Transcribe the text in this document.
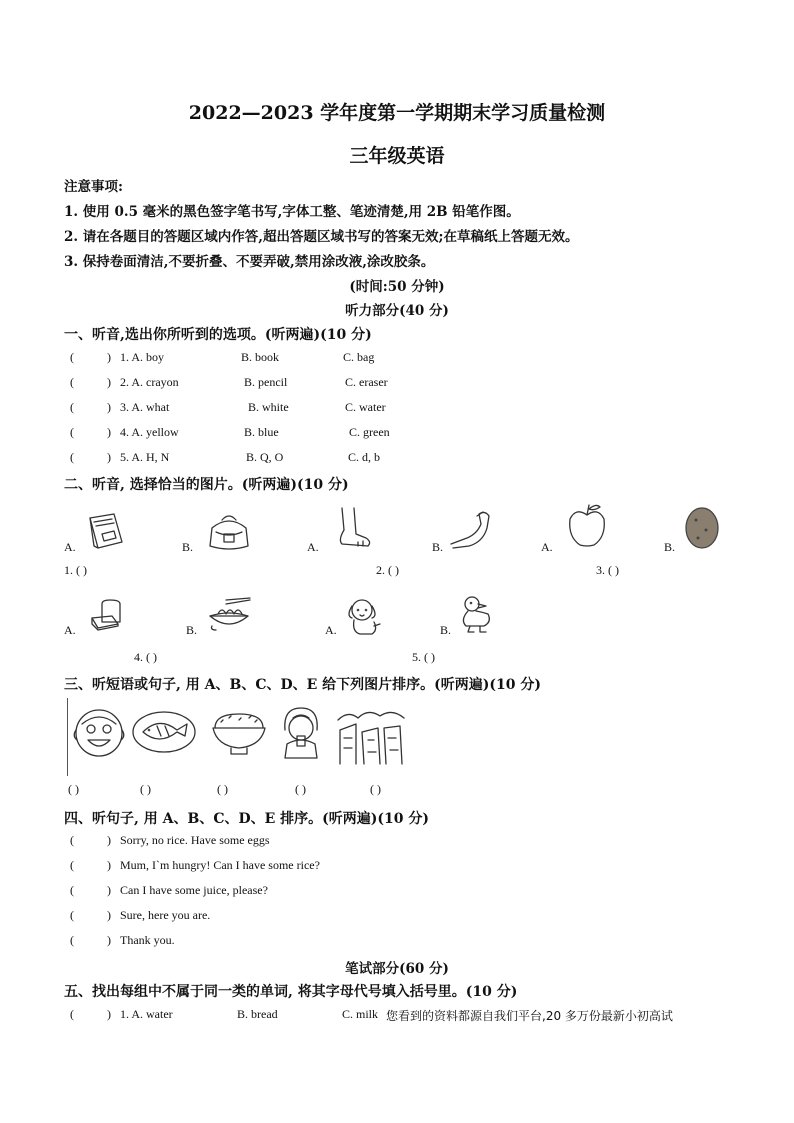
2022—2023 学年度第一学期期末学习质量检测
三年级英语
注意事项:
1. 使用 0.5 毫米的黑色签字笔书写,字体工整、笔迹清楚,用 2B 铅笔作图。
2. 请在各题目的答题区域内作答,超出答题区域书写的答案无效;在草稿纸上答题无效。
3. 保持卷面清洁,不要折叠、不要弄破,禁用涂改液,涂改胶条。
(时间:50 分钟)
听力部分(40 分)
一、听音,选出你所听到的选项。(听两遍)(10 分)
(	) 1. A. boy	B. book	C. bag
(	) 2. A. crayon	B. pencil	C. eraser
(	) 3. A. what	B. white	C. water
(	) 4. A. yellow	B. blue	C. green
(	) 5. A. H, N	B. Q, O	C. d, b
二、听音, 选择恰当的图片。(听两遍)(10 分)
A.	B.	A.	B.	A.	B.
1. ( )	2. ( )	3. ( )
A.	B.	A.	B.
4. ( )	5. ( )
三、听短语或句子, 用 A、B、C、D、E 给下列图片排序。(听两遍)(10 分)
( )	( )	( )	( )	( )
四、听句子, 用 A、B、C、D、E 排序。(听两遍)(10 分)
(	) Sorry, no rice. Have some eggs
(	) Mum, I`m hungry! Can I have some rice?
(	) Can I have some juice, please?
(	) Sure, here you are.
(	) Thank you.
笔试部分(60 分)
五、找出每组中不属于同一类的单词, 将其字母代号填入括号里。(10 分)
(	) 1. A. water	B. bread	C. milk 您看到的资料都源自我们平台,20 多万份最新小初高试
